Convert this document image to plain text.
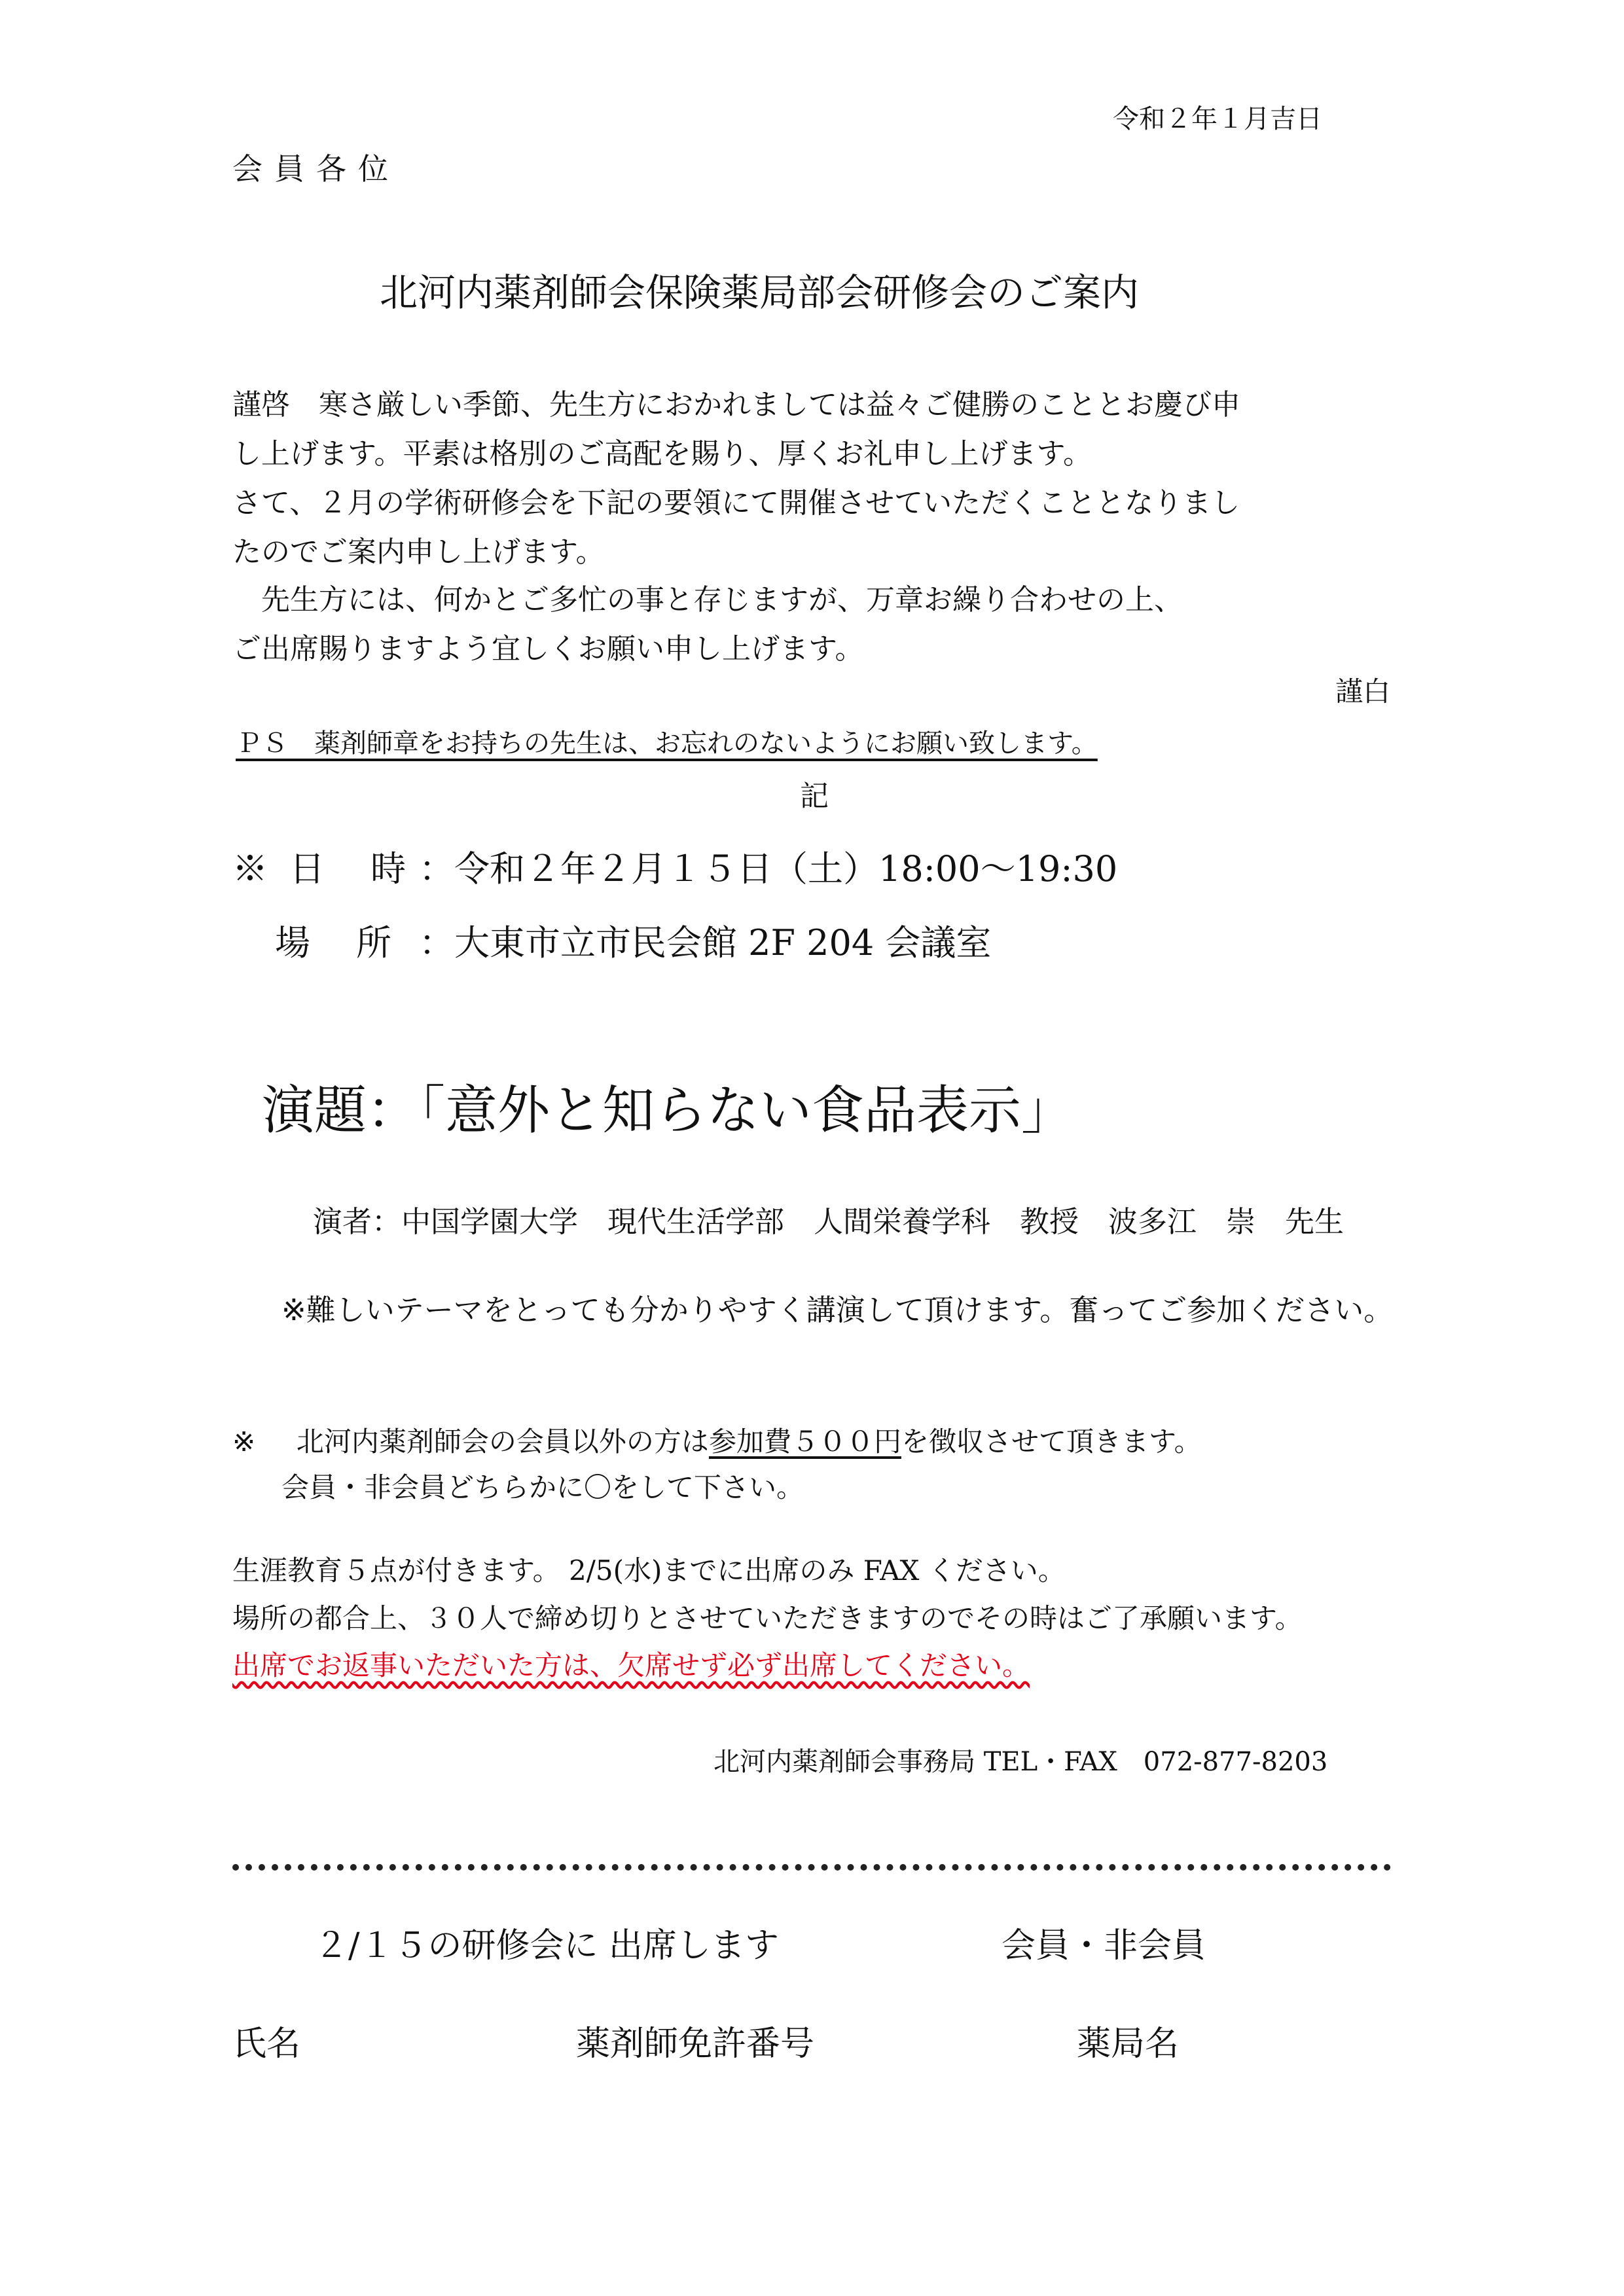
令和２年１月吉日
会員各位
北河内薬剤師会保険薬局部会研修会のご案内
謹啓　寒さ厳しい季節、先生方におかれましては益々ご健勝のこととお慶び申
し上げます。平素は格別のご高配を賜り、厚くお礼申し上げます。
さて、２月の学術研修会を下記の要領にて開催させていただくこととなりまし
たのでご案内申し上げます。
　先生方には、何かとご多忙の事と存じますが、万章お繰り合わせの上、
ご出席賜りますよう宜しくお願い申し上げます。
謹白
ＰＳ　薬剤師章をお持ちの先生は、お忘れのないようにお願い致します。
記
※ 日　時 ：令和２年２月１５日（土）18:00～19:30
場　所 ：大東市立市民会館 2F 204 会議室
演題：「意外と知らない食品表示」
演者：中国学園大学　現代生活学部　人間栄養学科　教授　波多江　崇　先生
※難しいテーマをとっても分かりやすく講演して頂けます。奮ってご参加ください。
※ 北河内薬剤師会の会員以外の方は参加費５００円を徴収させて頂きます。
会員・非会員どちらかに〇をして下さい。
生涯教育５点が付きます。 2/5(水)までに出席のみ FAX ください。
場所の都合上、３０人で締め切りとさせていただきますのでその時はご了承願います。
出席でお返事いただいた方は、欠席せず必ず出席してください。
北河内薬剤師会事務局 TEL・FAX　072-877-8203
２/１５の研修会に 出席します	会員・非会員
氏名	薬剤師免許番号	薬局名
